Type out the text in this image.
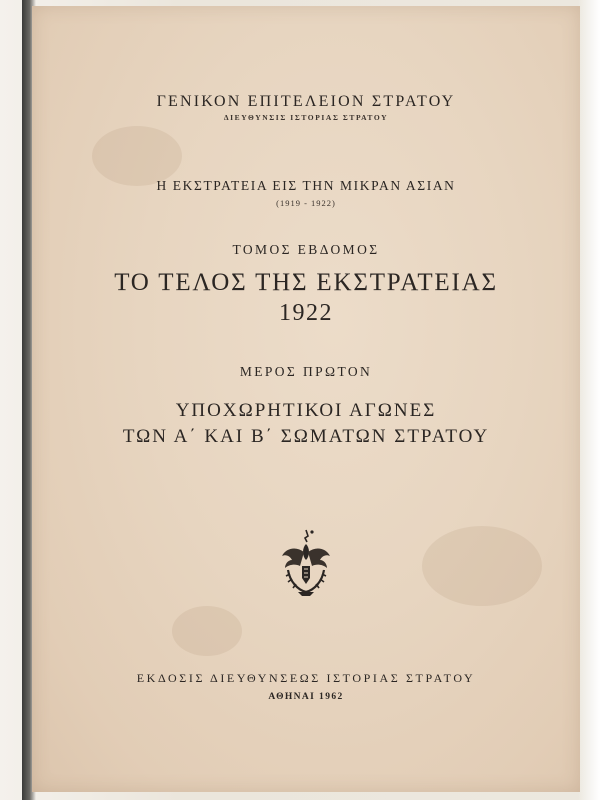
ΓΕΝΙΚΟΝ ΕΠΙΤΕΛΕΙΟΝ ΣΤΡΑΤΟΥ
ΔΙΕΥΘΥΝΣΙΣ ΙΣΤΟΡΙΑΣ ΣΤΡΑΤΟΥ
Η ΕΚΣΤΡΑΤΕΙΑ ΕΙΣ ΤΗΝ ΜΙΚΡΑΝ ΑΣΙΑΝ
(1919 - 1922)
ΤΟΜΟΣ ΕΒΔΟΜΟΣ
ΤΟ ΤΕΛΟΣ ΤΗΣ ΕΚΣΤΡΑΤΕΙΑΣ
1922
ΜΕΡΟΣ ΠΡΩΤΟΝ
ΥΠΟΧΩΡΗΤΙΚΟΙ ΑΓΩΝΕΣ
ΤΩΝ Α΄ ΚΑΙ Β΄ ΣΩΜΑΤΩΝ ΣΤΡΑΤΟΥ
ΕΚΔΟΣΙΣ ΔΙΕΥΘΥΝΣΕΩΣ ΙΣΤΟΡΙΑΣ ΣΤΡΑΤΟΥ
ΑΘΗΝΑΙ 1962
